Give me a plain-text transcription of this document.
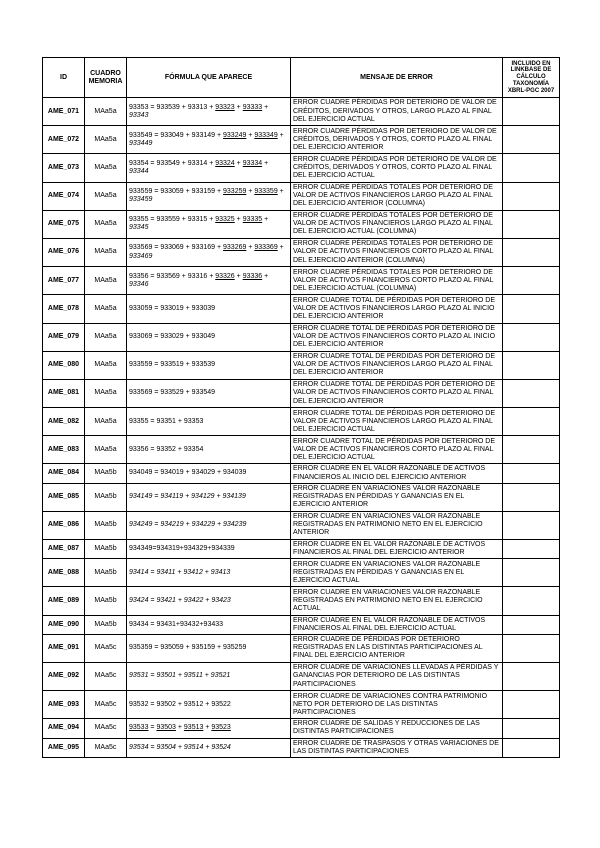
ID	CUADRO MEMORIA	FÓRMULA QUE APARECE	MENSAJE DE ERROR	INCLUIDO EN LINKBASE DE CÁLCULO TAXONOMÍA XBRL-PGC 2007
AME_071	MAa5a	93353 = 933539 + 93313 + 93323 + 93333 + 93343	ERROR CUADRE PÉRDIDAS POR DETERIORO DE VALOR DE CRÉDITOS, DERIVADOS Y OTROS, LARGO PLAZO AL FINAL DEL EJERCICIO ACTUAL	
AME_072	MAa5a	933549 = 933049 + 933149 + 933249 + 933349 + 933449	ERROR CUADRE PÉRDIDAS POR DETERIORO DE VALOR DE CRÉDITOS, DERIVADOS Y OTROS, CORTO PLAZO AL FINAL DEL EJERCICIO ANTERIOR	
AME_073	MAa5a	93354 = 933549 + 93314 + 93324 + 93334 + 93344	ERROR CUADRE PÉRDIDAS POR DETERIORO DE VALOR DE CRÉDITOS, DERIVADOS Y OTROS, CORTO PLAZO AL FINAL DEL EJERCICIO ACTUAL	
AME_074	MAa5a	933559 = 933059 + 933159 + 933259 + 933359 + 933459	ERROR CUADRE PÉRDIDAS TOTALES POR DETERIORO DE VALOR DE ACTIVOS FINANCIEROS LARGO PLAZO AL FINAL DEL EJERCICIO ANTERIOR (COLUMNA)	
AME_075	MAa5a	93355 = 933559 + 93315 + 93325 + 93335 + 93345	ERROR CUADRE PÉRDIDAS TOTALES POR DETERIORO DE VALOR DE ACTIVOS FINANCIEROS LARGO PLAZO AL FINAL DEL EJERCICIO ACTUAL (COLUMNA)	
AME_076	MAa5a	933569 = 933069 + 933169 + 933269 + 933369 + 933469	ERROR CUADRE PÉRDIDAS TOTALES POR DETERIORO DE VALOR DE ACTIVOS FINANCIEROS CORTO PLAZO AL FINAL DEL EJERCICIO ANTERIOR (COLUMNA)	
AME_077	MAa5a	93356 = 933569 + 93316 + 93326 + 93336 + 93346	ERROR CUADRE PÉRDIDAS TOTALES POR DETERIORO DE VALOR DE ACTIVOS FINANCIEROS CORTO PLAZO AL FINAL DEL EJERCICIO ACTUAL (COLUMNA)	
AME_078	MAa5a	933059 = 933019 + 933039	ERROR CUADRE TOTAL DE PÉRDIDAS POR DETERIORO DE VALOR DE ACTIVOS FINANCIEROS LARGO PLAZO AL INICIO DEL EJERCICIO ANTERIOR	
AME_079	MAa5a	933069 = 933029 + 933049	ERROR CUADRE TOTAL DE PÉRDIDAS POR DETERIORO DE VALOR DE ACTIVOS FINANCIEROS CORTO PLAZO AL INICIO DEL EJERCICIO ANTERIOR	
AME_080	MAa5a	933559 = 933519 + 933539	ERROR CUADRE TOTAL DE PÉRDIDAS POR DETERIORO DE VALOR DE ACTIVOS FINANCIEROS LARGO PLAZO AL FINAL DEL EJERCICIO ANTERIOR	
AME_081	MAa5a	933569 = 933529 + 933549	ERROR CUADRE TOTAL DE PÉRDIDAS POR DETERIORO DE VALOR DE ACTIVOS FINANCIEROS CORTO PLAZO AL FINAL DEL EJERCICIO ANTERIOR	
AME_082	MAa5a	93355 = 93351 + 93353	ERROR CUADRE TOTAL DE PÉRDIDAS POR DETERIORO DE VALOR DE ACTIVOS FINANCIEROS LARGO PLAZO AL FINAL DEL EJERCICIO ACTUAL	
AME_083	MAa5a	93356 = 93352 + 93354	ERROR CUADRE TOTAL DE PÉRDIDAS POR DETERIORO DE VALOR DE ACTIVOS FINANCIEROS CORTO PLAZO AL FINAL DEL EJERCICIO ACTUAL	
AME_084	MAa5b	934049 = 934019 + 934029 + 934039	ERROR CUADRE EN EL VALOR RAZONABLE DE ACTIVOS FINANCIEROS AL INICIO DEL EJERCICIO ANTERIOR	
AME_085	MAa5b	934149 = 934119 + 934129 + 934139	ERROR CUADRE EN VARIACIONES VALOR RAZONABLE REGISTRADAS EN PÉRDIDAS Y GANANCIAS EN EL EJERCICIO ANTERIOR	
AME_086	MAa5b	934249 = 934219 + 934229 + 934239	ERROR CUADRE EN VARIACIONES VALOR RAZONABLE REGISTRADAS EN PATRIMONIO NETO EN EL EJERCICIO ANTERIOR	
AME_087	MAa5b	934349=934319+934329+934339	ERROR CUADRE EN EL VALOR RAZONABLE DE ACTIVOS FINANCIEROS AL FINAL DEL EJERCICIO ANTERIOR	
AME_088	MAa5b	93414 = 93411 + 93412 + 93413	ERROR CUADRE EN VARIACIONES VALOR RAZONABLE REGISTRADAS EN PÉRDIDAS Y GANANCIAS EN EL EJERCICIO ACTUAL	
AME_089	MAa5b	93424 = 93421 + 93422 + 93423	ERROR CUADRE EN VARIACIONES VALOR RAZONABLE REGISTRADAS EN PATRIMONIO NETO EN EL EJERCICIO ACTUAL	
AME_090	MAa5b	93434 = 93431+93432+93433	ERROR CUADRE EN EL VALOR RAZONABLE DE ACTIVOS FINANCIEROS AL FINAL DEL EJERCICIO ACTUAL	
AME_091	MAa5c	935359 = 935059 + 935159 + 935259	ERROR CUADRE DE PÉRDIDAS POR DETERIORO REGISTRADAS EN LAS DISTINTAS PARTICIPACIONES AL FINAL DEL EJERCICIO ANTERIOR	
AME_092	MAa5c	93531 = 93501 + 93511 + 93521	ERROR CUADRE DE VARIACIONES LLEVADAS A PÉRDIDAS Y GANANCIAS POR DETERIORO DE LAS DISTINTAS PARTICIPACIONES	
AME_093	MAa5c	93532 = 93502 + 93512 + 93522	ERROR CUADRE DE VARIACIONES CONTRA PATRIMONIO NETO POR DETERIORO DE LAS DISTINTAS PARTICIPACIONES	
AME_094	MAa5c	93533 = 93503 + 93513 + 93523	ERROR CUADRE DE SALIDAS Y REDUCCIONES DE LAS DISTINTAS PARTICIPACIONES	
AME_095	MAa5c	93534 = 93504 + 93514 + 93524	ERROR CUADRE DE TRASPASOS Y OTRAS VARIACIONES DE LAS DISTINTAS PARTICIPACIONES	
